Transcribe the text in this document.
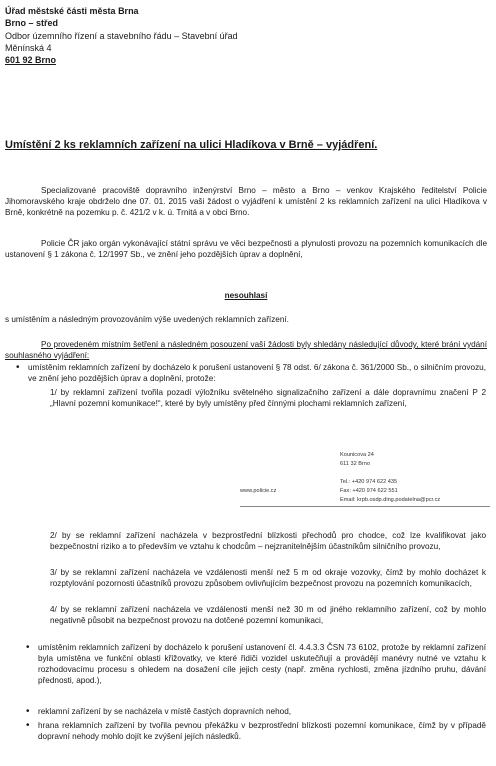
Úřad městské části města Brna
Brno – střed
Odbor územního řízení a stavebního řádu – Stavební úřad
Měnínská 4
601 92 Brno
Umístění 2 ks reklamních zařízení na ulici Hladíkova v Brně – vyjádření.
Specializované pracoviště dopravního inženýrství Brno – město a Brno – venkov Krajského ředitelství Policie Jihomoravského kraje obdrželo dne 07. 01. 2015 vaši žádost o vyjádření k umístění 2 ks reklamních zařízení na ulici Hladíkova v Brně, konkrétně na pozemku p. č. 421/2 v k. ú. Trnitá a v obci Brno.
Policie ČR jako orgán vykonávající státní správu ve věci bezpečnosti a plynulosti provozu na pozemních komunikacích dle ustanovení § 1 zákona č. 12/1997 Sb., ve znění jeho pozdějších úprav a doplnění,
nesouhlasí
s umístěním a následným provozováním výše uvedených reklamních zařízení.
Po provedeném místním šetření a následném posouzení vaší žádosti byly shledány následující důvody, které brání vydání souhlasného vyjádření:
• umístěním reklamních zařízení by docházelo k porušení ustanovení § 78 odst. 6/ zákona č. 361/2000 Sb., o silničním provozu, ve znění jeho pozdějších úprav a doplnění, protože:
1/ by reklamní zařízení tvořila pozadí výložníku světelného signalizačního zařízení a dále dopravnímu značení P 2 „Hlavní pozemní komunikace!“, které by byly umístěny před čínnými plochami reklamních zařízení,
Kounicova 24
611 32 Brno
Tel.: +420 974 622 435
Fax: +420 974 622 551
Email: krpb.osdp.ding.podatelna@pcr.cz
www.policie.cz
2/ by se reklamní zařízení nacházela v bezprostřední blízkosti přechodů pro chodce, což lze kvalifikovat jako bezpečnostní riziko a to především ve vztahu k chodcům – nejzranitelnějším účastníkům silničního provozu,
3/ by se reklamní zařízení nacházela ve vzdálenosti menší než 5 m od okraje vozovky, čímž by mohlo docházet k rozptylování pozornosti účastníků provozu způsobem ovlivňujícím bezpečnost provozu na pozemních komunikacích,
4/ by se reklamní zařízení nacházela ve vzdálenosti menší než 30 m od jiného reklamního zařízení, což by mohlo negativně působit na bezpečnost provozu na dotčené pozemní komunikaci,
• umístěním reklamních zařízení by docházelo k porušení ustanovení čl. 4.4.3.3 ČSN 73 6102, protože by reklamní zařízení byla umístěna ve funkční oblasti křižovatky, ve které řidiči vozidel uskutečňují a provádějí manévry nutné ve vztahu k rozhodovacímu procesu s ohledem na dosažení cíle jejich cesty (např. změna rychlosti, změna jízdního pruhu, dávání přednosti, apod.),
• reklamní zařízení by se nacházela v místě častých dopravních nehod,
• hrana reklamních zařízení by tvořila pevnou překážku v bezprostřední blízkosti pozemní komunikace, čímž by v případě dopravní nehody mohlo dojít ke zvýšení jejích následků.
